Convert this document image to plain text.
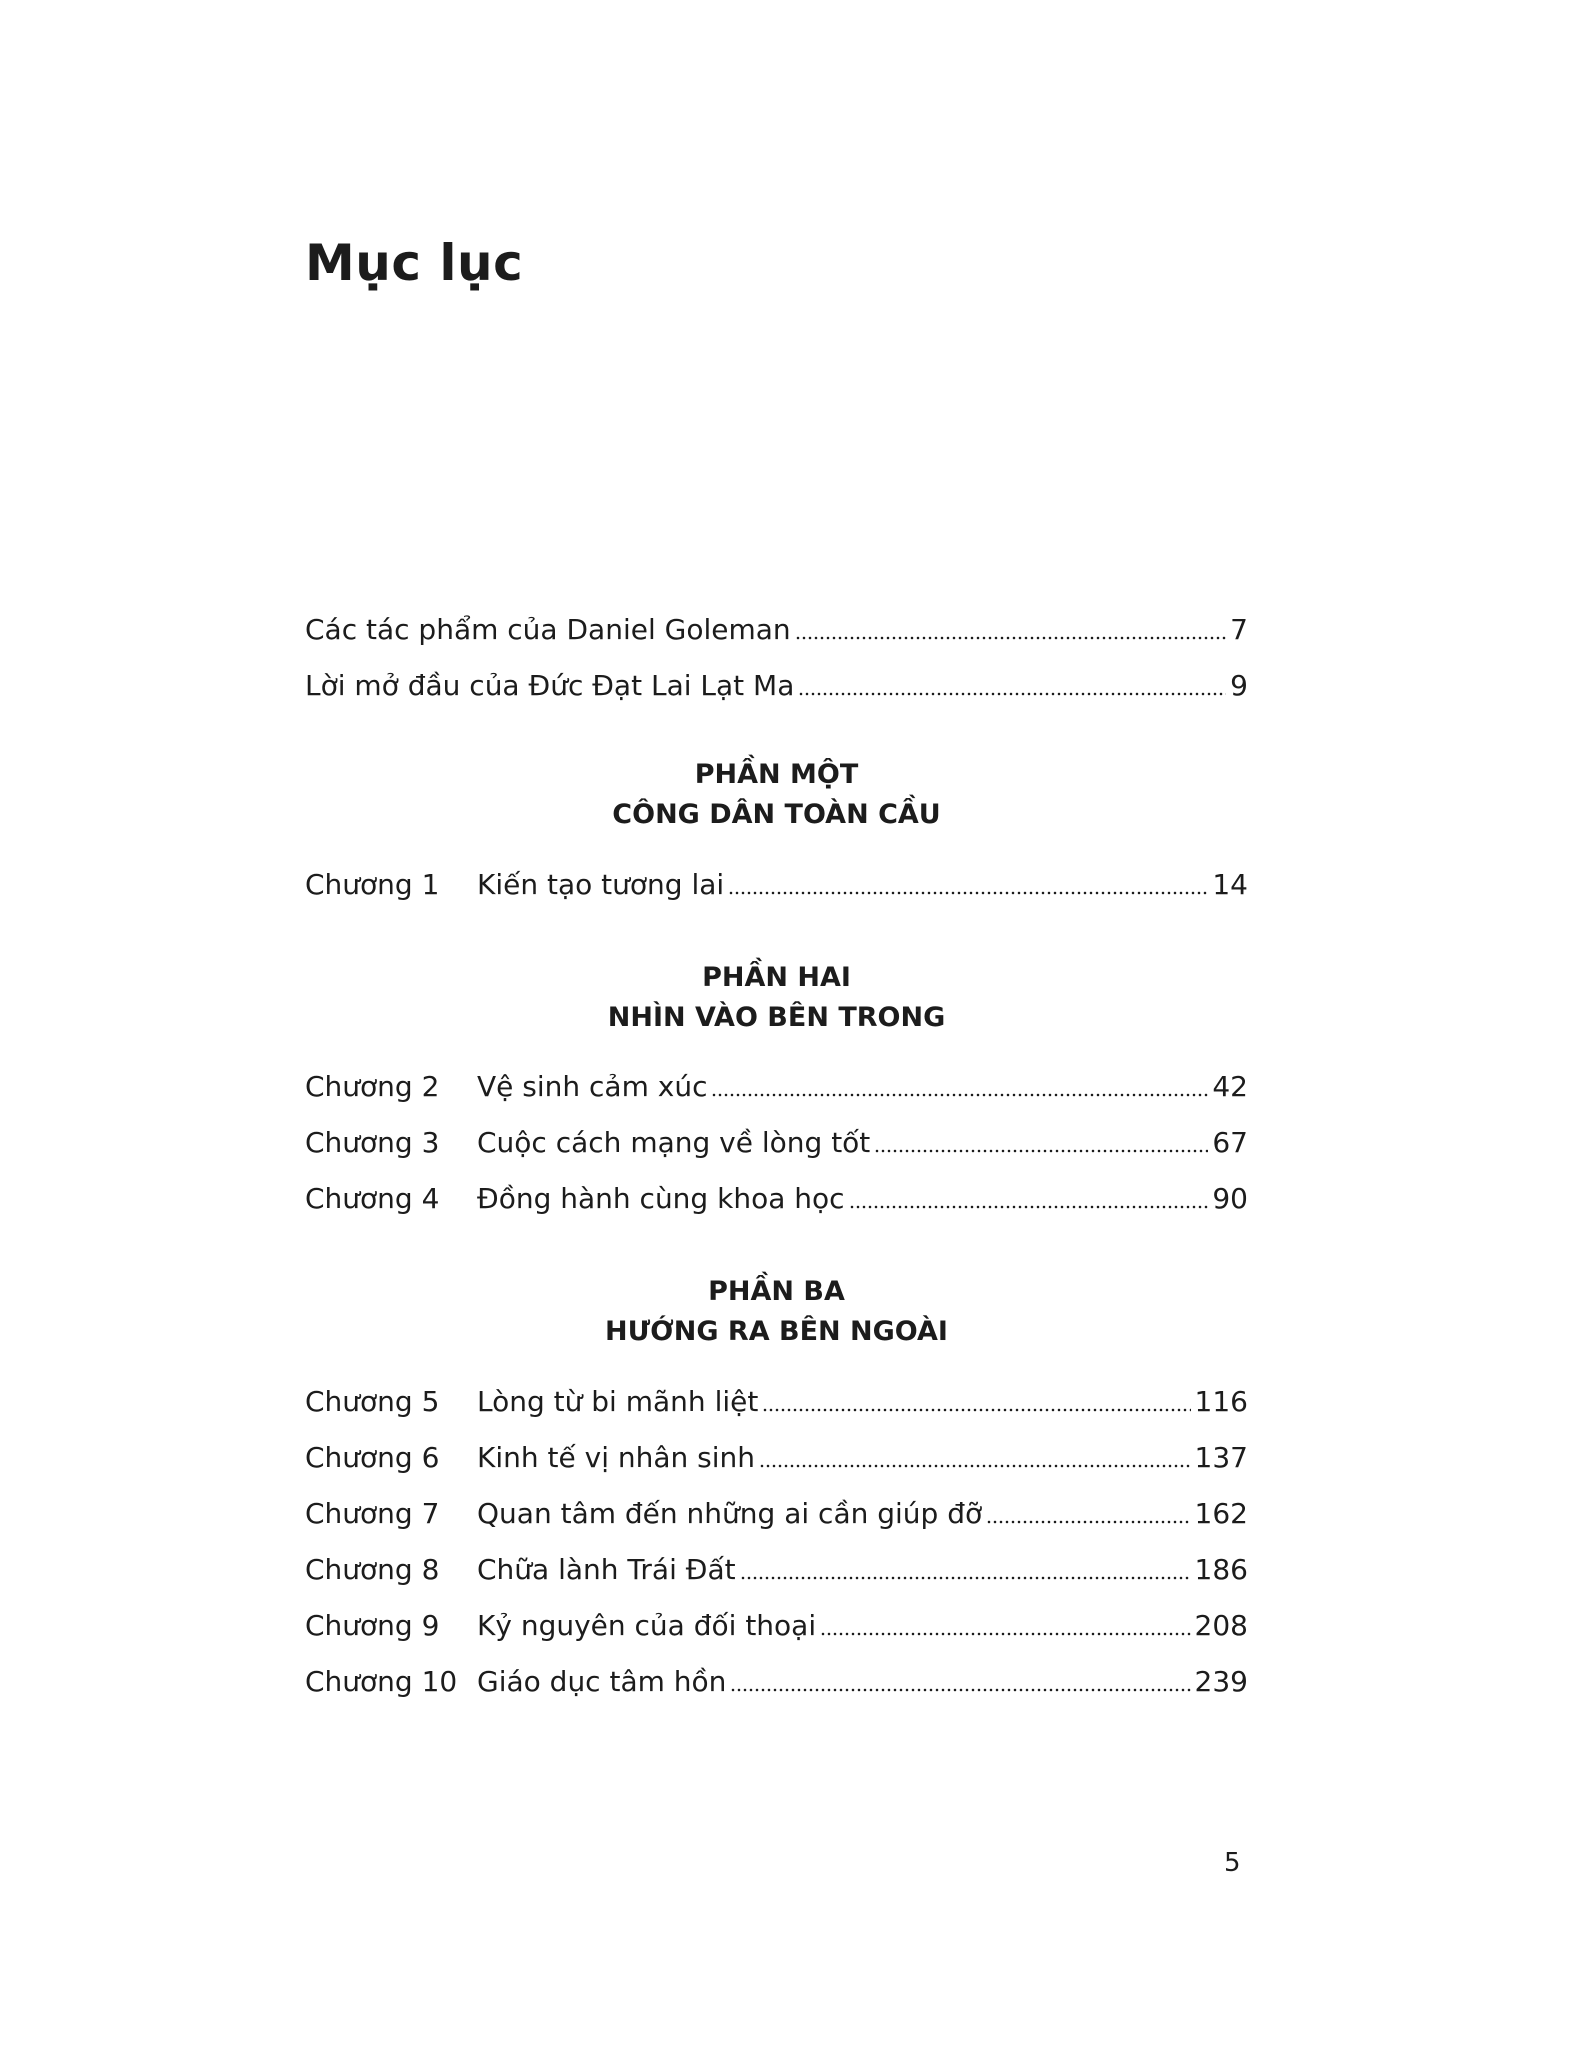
Mục lục
Các tác phẩm của Daniel Goleman	7
Lời mở đầu của Đức Đạt Lai Lạt Ma	9
PHẦN MỘT
CÔNG DÂN TOÀN CẦU
Chương 1	Kiến tạo tương lai	14
PHẦN HAI
NHÌN VÀO BÊN TRONG
Chương 2	Vệ sinh cảm xúc	42
Chương 3	Cuộc cách mạng về lòng tốt	67
Chương 4	Đồng hành cùng khoa học	90
PHẦN BA
HƯỚNG RA BÊN NGOÀI
Chương 5	Lòng từ bi mãnh liệt	116
Chương 6	Kinh tế vị nhân sinh	137
Chương 7	Quan tâm đến những ai cần giúp đỡ	162
Chương 8	Chữa lành Trái Đất	186
Chương 9	Kỷ nguyên của đối thoại	208
Chương 10 Giáo dục tâm hồn	239
5
